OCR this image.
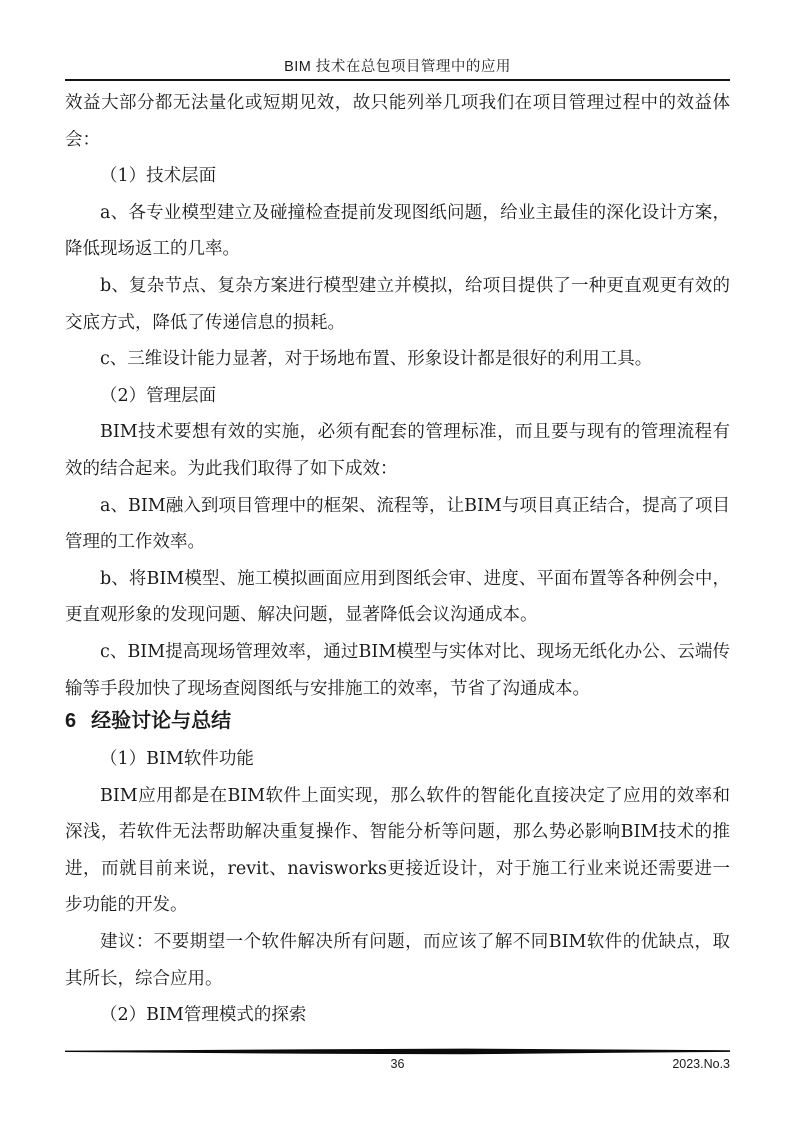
BIM 技术在总包项目管理中的应用

效益大部分都无法量化或短期见效，故只能列举几项我们在项目管理过程中的效益体会：

（1）技术层面

a、各专业模型建立及碰撞检查提前发现图纸问题，给业主最佳的深化设计方案，降低现场返工的几率。

b、复杂节点、复杂方案进行模型建立并模拟，给项目提供了一种更直观更有效的交底方式，降低了传递信息的损耗。

c、三维设计能力显著，对于场地布置、形象设计都是很好的利用工具。

（2）管理层面

BIM技术要想有效的实施，必须有配套的管理标准，而且要与现有的管理流程有效的结合起来。为此我们取得了如下成效：

a、BIM融入到项目管理中的框架、流程等，让BIM与项目真正结合，提高了项目管理的工作效率。

b、将BIM模型、施工模拟画面应用到图纸会审、进度、平面布置等各种例会中，更直观形象的发现问题、解决问题，显著降低会议沟通成本。

c、BIM提高现场管理效率，通过BIM模型与实体对比、现场无纸化办公、云端传输等手段加快了现场查阅图纸与安排施工的效率，节省了沟通成本。

6 经验讨论与总结

（1）BIM软件功能

BIM应用都是在BIM软件上面实现，那么软件的智能化直接决定了应用的效率和深浅，若软件无法帮助解决重复操作、智能分析等问题，那么势必影响BIM技术的推进，而就目前来说，revit、navisworks更接近设计，对于施工行业来说还需要进一步功能的开发。

建议：不要期望一个软件解决所有问题，而应该了解不同BIM软件的优缺点，取其所长，综合应用。

（2）BIM管理模式的探索

36	2023.No.3
